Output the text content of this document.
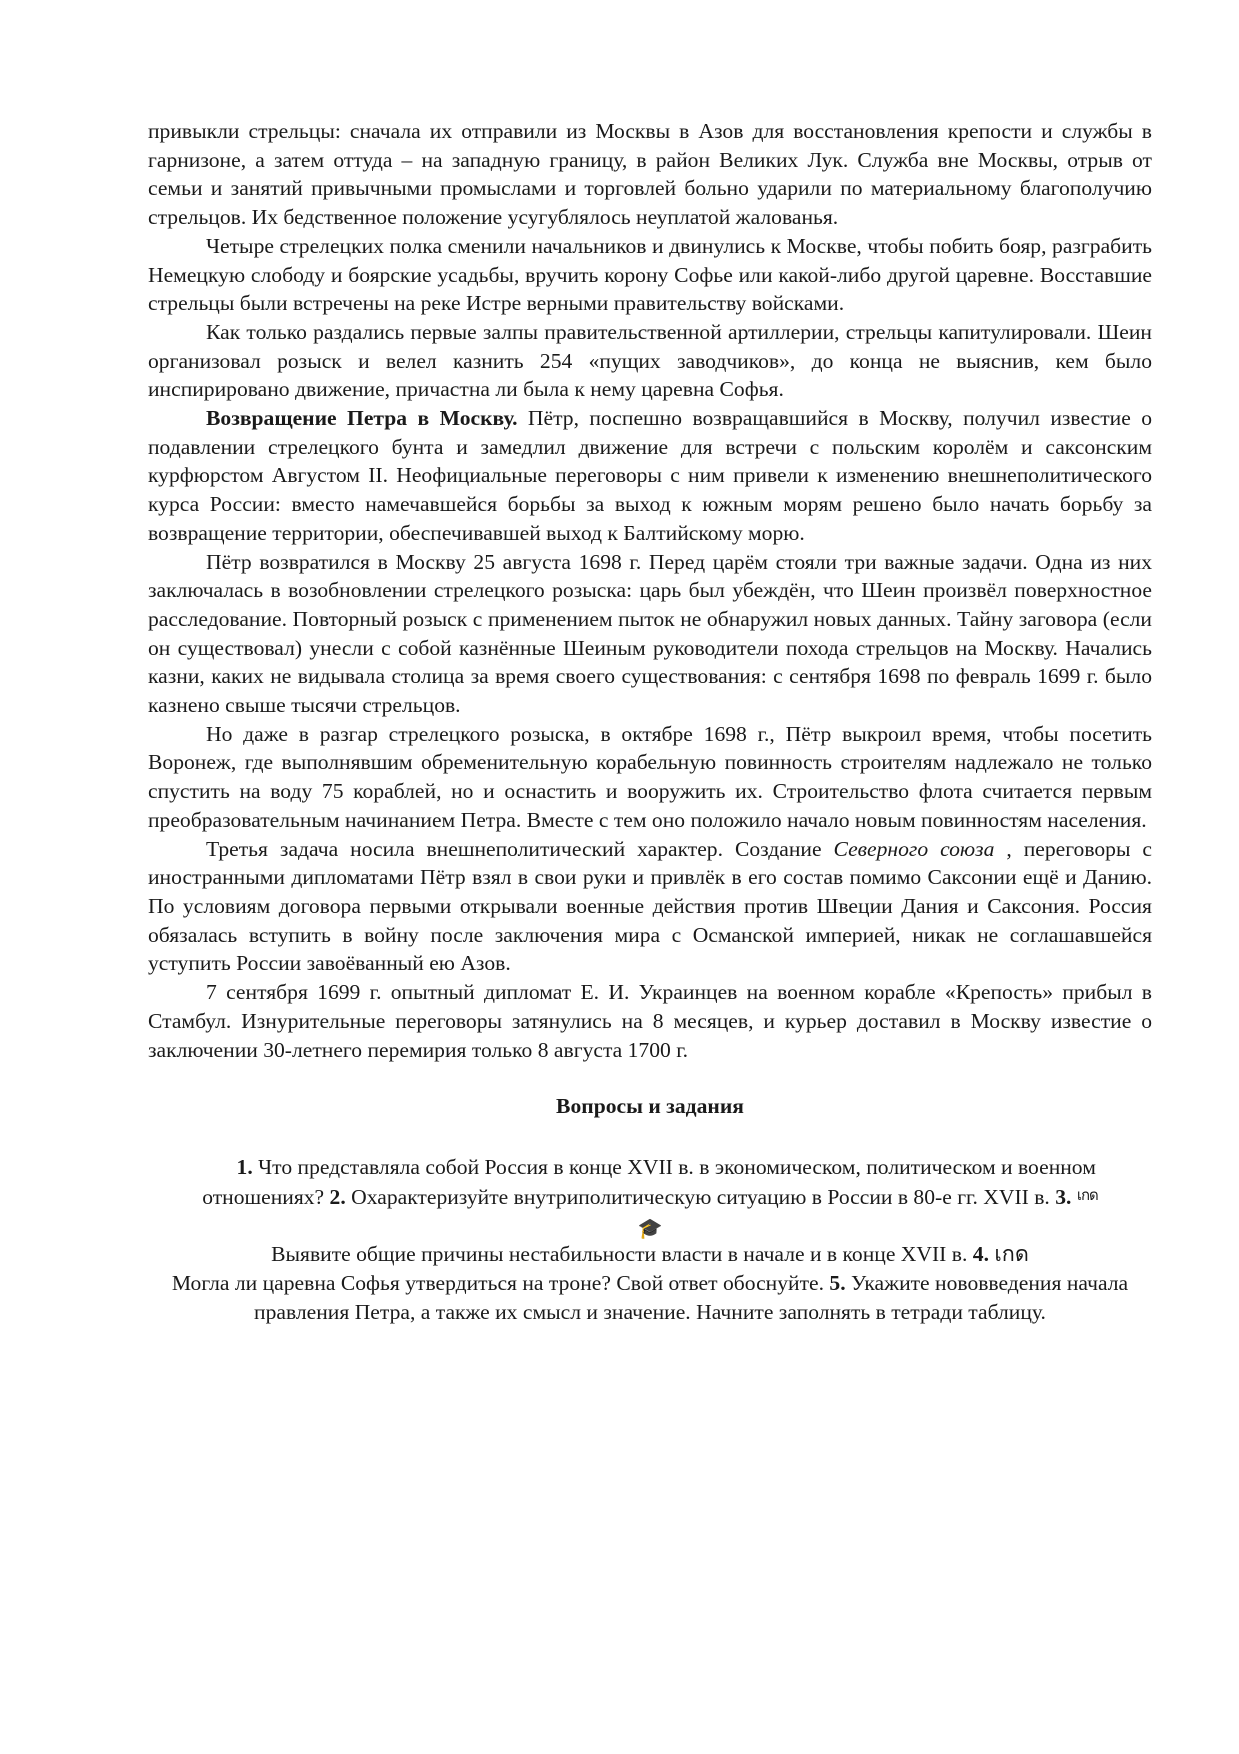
привыкли стрельцы: сначала их отправили из Москвы в Азов для восстановления крепости и службы в гарнизоне, а затем оттуда – на западную границу, в район Великих Лук. Служба вне Москвы, отрыв от семьи и занятий привычными промыслами и торговлей больно ударили по материальному благополучию стрельцов. Их бедственное положение усугублялось неуплатой жалованья.

Четыре стрелецких полка сменили начальников и двинулись к Москве, чтобы побить бояр, разграбить Немецкую слободу и боярские усадьбы, вручить корону Софье или какой-либо другой царевне. Восставшие стрельцы были встречены на реке Истре верными правительству войсками.

Как только раздались первые залпы правительственной артиллерии, стрельцы капитулировали. Шеин организовал розыск и велел казнить 254 «пущих заводчиков», до конца не выяснив, кем было инспирировано движение, причастна ли была к нему царевна Софья.

Возвращение Петра в Москву. Пётр, поспешно возвращавшийся в Москву, получил известие о подавлении стрелецкого бунта и замедлил движение для встречи с польским королём и саксонским курфюрстом Августом II. Неофициальные переговоры с ним привели к изменению внешнеполитического курса России: вместо намечавшейся борьбы за выход к южным морям решено было начать борьбу за возвращение территории, обеспечивавшей выход к Балтийскому морю.

Пётр возвратился в Москву 25 августа 1698 г. Перед царём стояли три важные задачи. Одна из них заключалась в возобновлении стрелецкого розыска: царь был убеждён, что Шеин произвёл поверхностное расследование. Повторный розыск с применением пыток не обнаружил новых данных. Тайну заговора (если он существовал) унесли с собой казнённые Шеиным руководители похода стрельцов на Москву. Начались казни, каких не видывала столица за время своего существования: с сентября 1698 по февраль 1699 г. было казнено свыше тысячи стрельцов.

Но даже в разгар стрелецкого розыска, в октябре 1698 г., Пётр выкроил время, чтобы посетить Воронеж, где выполнявшим обременительную корабельную повинность строителям надлежало не только спустить на воду 75 кораблей, но и оснастить и вооружить их. Строительство флота считается первым преобразовательным начинанием Петра. Вместе с тем оно положило начало новым повинностям населения.

Третья задача носила внешнеполитический характер. Создание Северного союза , переговоры с иностранными дипломатами Пётр взял в свои руки и привлёк в его состав помимо Саксонии ещё и Данию. По условиям договора первыми открывали военные действия против Швеции Дания и Саксония. Россия обязалась вступить в войну после заключения мира с Османской империей, никак не соглашавшейся уступить России завоёванный ею Азов.

7 сентября 1699 г. опытный дипломат Е. И. Украинцев на военном корабле «Крепость» прибыл в Стамбул. Изнурительные переговоры затянулись на 8 месяцев, и курьер доставил в Москву известие о заключении 30-летнего перемирия только 8 августа 1700 г.

Вопросы и задания

1. Что представляла собой Россия в конце XVII в. в экономическом, политическом и военном отношениях? 2. Охарактеризуйте внутриполитическую ситуацию в России в 80-е гг. XVII в. 3. เกด

🎓

Выявите общие причины нестабильности власти в начале и в конце XVII в. 4. เกด
Могла ли царевна Софья утвердиться на троне? Свой ответ обоснуйте. 5. Укажите нововведения начала правления Петра, а также их смысл и значение. Начните заполнять в тетради таблицу.
